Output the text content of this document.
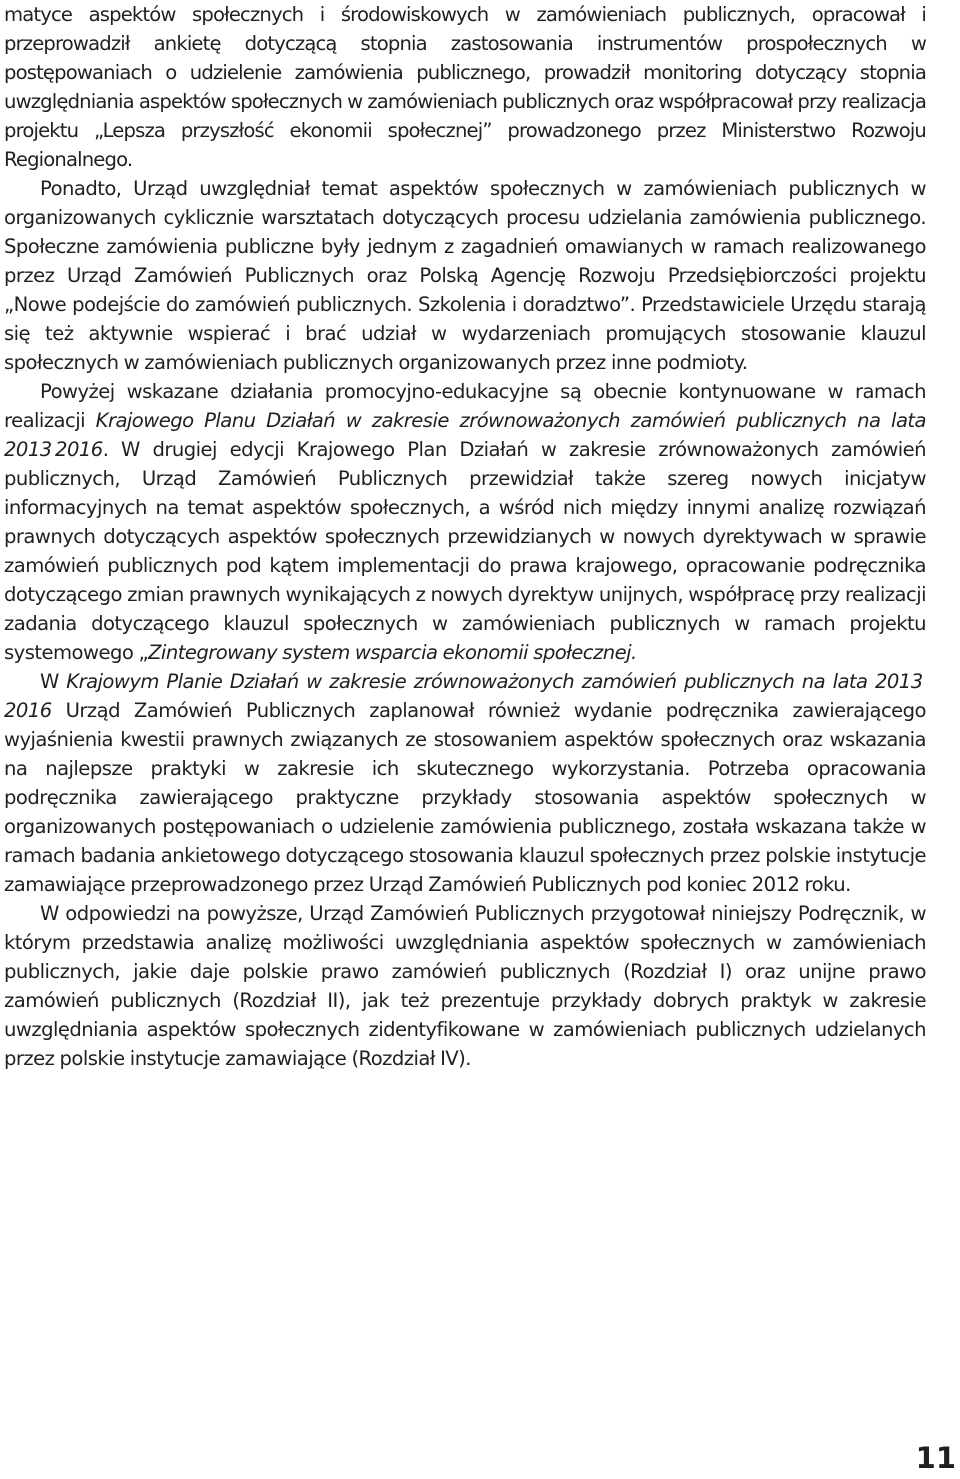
matyce aspektów społecznych i środowiskowych w zamówieniach publicznych, opracował i przeprowadził ankietę dotyczącą stopnia zastosowania instrumentów prospołecznych w postępowaniach o udzielenie zamówienia publicznego, prowadził monitoring dotyczący stopnia uwzględniania aspektów społecznych w zamówieniach publicznych oraz współpracował przy realizacja projektu „Lepsza przyszłość ekonomii społecznej” prowadzonego przez Ministerstwo Rozwoju Regionalnego.

Ponadto, Urząd uwzględniał temat aspektów społecznych w zamówieniach publicznych w organizowanych cyklicznie warsztatach dotyczących procesu udzielania zamówienia publicznego. Społeczne zamówienia publiczne były jednym z zagadnień omawianych w ramach realizowanego przez Urząd Zamówień Publicznych oraz Polską Agencję Rozwoju Przedsiębiorczości projektu „Nowe podejście do zamówień publicznych. Szkolenia i doradztwo”. Przedstawiciele Urzędu starają się też aktywnie wspierać i brać udział w wydarzeniach promujących stosowanie klauzul społecznych w zamówieniach publicznych organizowanych przez inne podmioty.

Powyżej wskazane działania promocyjno-edukacyjne są obecnie kontynuowane w ramach realizacji Krajowego Planu Działań w zakresie zrównoważonych zamówień publicznych na lata 2013 2016. W drugiej edycji Krajowego Plan Działań w zakresie zrównoważonych zamówień publicznych, Urząd Zamówień Publicznych przewidział także szereg nowych inicjatyw informacyjnych na temat aspektów społecznych, a wśród nich między innymi analizę rozwiązań prawnych dotyczących aspektów społecznych przewidzianych w nowych dyrektywach w sprawie zamówień publicznych pod kątem implementacji do prawa krajowego, opracowanie podręcznika dotyczącego zmian prawnych wynikających z nowych dyrektyw unijnych, współpracę przy realizacji zadania dotyczącego klauzul społecznych w zamówieniach publicznych w ramach projektu systemowego „Zintegrowany system wsparcia ekonomii społecznej.

W Krajowym Planie Działań w zakresie zrównoważonych zamówień publicznych na lata 2013 2016 Urząd Zamówień Publicznych zaplanował również wydanie podręcznika zawierającego wyjaśnienia kwestii prawnych związanych ze stosowaniem aspektów społecznych oraz wskazania na najlepsze praktyki w zakresie ich skutecznego wykorzystania. Potrzeba opracowania podręcznika zawierającego praktyczne przykłady stosowania aspektów społecznych w organizowanych postępowaniach o udzielenie zamówienia publicznego, została wskazana także w ramach badania ankietowego dotyczącego stosowania klauzul społecznych przez polskie instytucje zamawiające przeprowadzonego przez Urząd Zamówień Publicznych pod koniec 2012 roku.

W odpowiedzi na powyższe, Urząd Zamówień Publicznych przygotował niniejszy Podręcznik, w którym przedstawia analizę możliwości uwzględniania aspektów społecznych w zamówieniach publicznych, jakie daje polskie prawo zamówień publicznych (Rozdział I) oraz unijne prawo zamówień publicznych (Rozdział II), jak też prezentuje przykłady dobrych praktyk w zakresie uwzględniania aspektów społecznych zidentyfikowane w zamówieniach publicznych udzielanych przez polskie instytucje zamawiające (Rozdział IV).

11
